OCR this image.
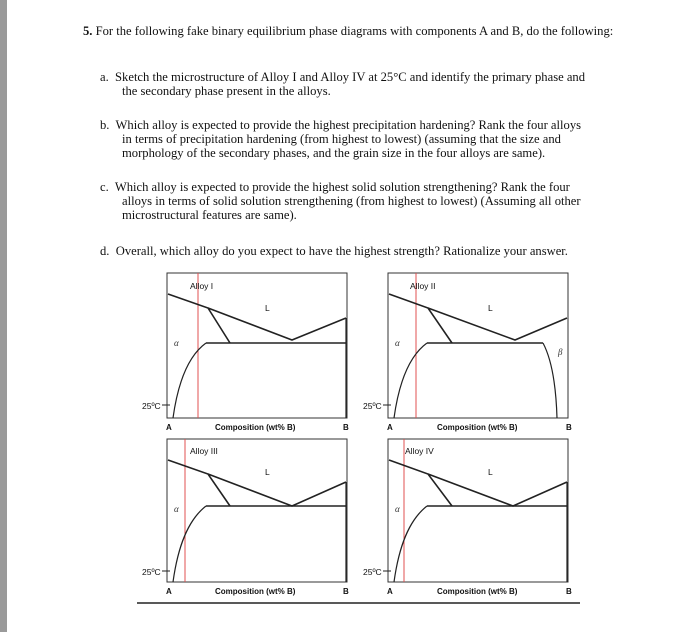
5. For the following fake binary equilibrium phase diagrams with components A and B, do the following:
a. Sketch the microstructure of Alloy I and Alloy IV at 25°C and identify the primary phase and
the secondary phase present in the alloys.
b. Which alloy is expected to provide the highest precipitation hardening? Rank the four alloys
in terms of precipitation hardening (from highest to lowest) (assuming that the size and morphology of the secondary phases, and the grain size in the four alloys are same).
c. Which alloy is expected to provide the highest solid solution strengthening? Rank the four
alloys in terms of solid solution strengthening (from highest to lowest) (Assuming all other microstructural features are same).
d. Overall, which alloy do you expect to have the highest strength? Rationalize your answer.
Alloy I
L
α
25ºC
A	Composition (wt% B)	B
Alloy II
L
α
β
25ºC
A	Composition (wt% B)	B
Alloy III
L
α
25ºC
A	Composition (wt% B)	B
Alloy IV
L
α
25ºC
A	Composition (wt% B)	B
